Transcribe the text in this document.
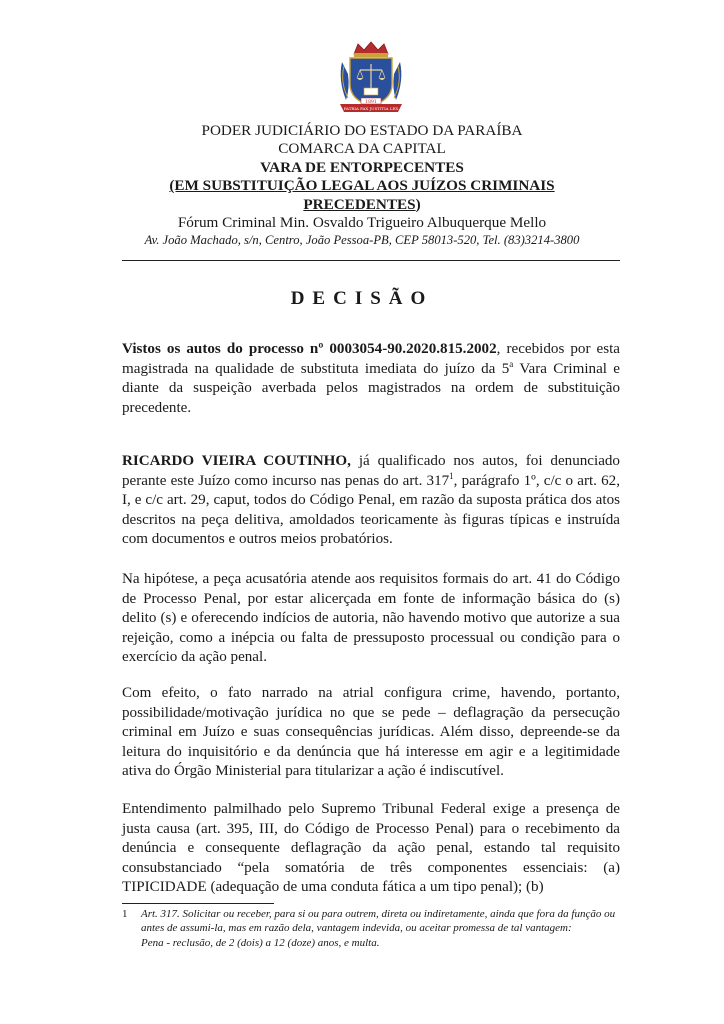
1891
PATRIA PAX JUSTITIA LEX
PODER JUDICIÁRIO DO ESTADO DA PARAÍBA
COMARCA DA CAPITAL
VARA DE ENTORPECENTES
(EM SUBSTITUIÇÃO LEGAL AOS JUÍZOS CRIMINAIS
PRECEDENTES)
Fórum Criminal Min. Osvaldo Trigueiro Albuquerque Mello
Av. João Machado, s/n, Centro, João Pessoa-PB, CEP 58013-520, Tel. (83)3214-3800
DECISÃO
Vistos os autos do processo nº 0003054-90.2020.815.2002, recebidos por esta magistrada na qualidade de substituta imediata do juízo da 5$^a$ Vara Criminal e diante da suspeição averbada pelos magistrados na ordem de substituição precedente.
RICARDO VIEIRA COUTINHO, já qualificado nos autos, foi denunciado perante este Juízo como incurso nas penas do art. $317^1$, parágrafo 1º, c/c o art. 62, I, e c/c art. 29, caput, todos do Código Penal, em razão da suposta prática dos atos descritos na peça delitiva, amoldados teoricamente às figuras típicas e instruída com documentos e outros meios probatórios.
Na hipótese, a peça acusatória atende aos requisitos formais do art. 41 do Código de Processo Penal, por estar alicerçada em fonte de informação básica do (s) delito (s) e oferecendo indícios de autoria, não havendo motivo que autorize a sua rejeição, como a inépcia ou falta de pressuposto processual ou condição para o exercício da ação penal.
Com efeito, o fato narrado na atrial configura crime, havendo, portanto, possibilidade/motivação jurídica no que se pede – deflagração da persecução criminal em Juízo e suas consequências jurídicas. Além disso, depreende-se da leitura do inquisitório e da denúncia que há interesse em agir e a legitimidade ativa do Órgão Ministerial para titularizar a ação é indiscutível.
Entendimento palmilhado pelo Supremo Tribunal Federal exige a presença de justa causa (art. 395, III, do Código de Processo Penal) para o recebimento da denúncia e consequente deflagração da ação penal, estando tal requisito consubstanciado “pela somatória de três componentes essenciais: (a) TIPICIDADE (adequação de uma conduta fática a um tipo penal); (b)
1 Art. 317. Solicitar ou receber, para si ou para outrem, direta ou indiretamente, ainda que fora da função ou antes de assumi-la, mas em razão dela, vantagem indevida, ou aceitar promessa de tal vantagem:
Pena - reclusão, de 2 (dois) a 12 (doze) anos, e multa.
